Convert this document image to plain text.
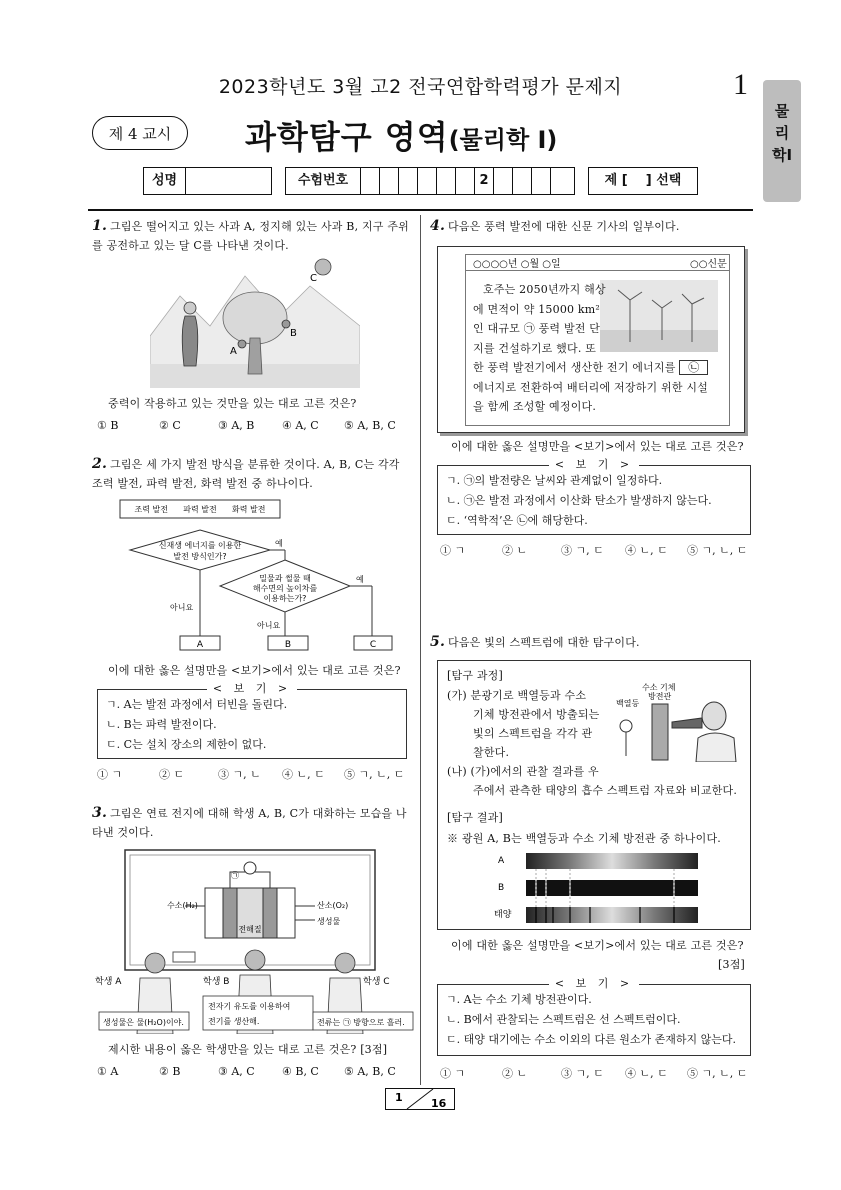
2023학년도 3월 고2 전국연합학력평가 문제지	1
물리학Ⅰ
제 4 교시	과학탐구 영역(물리학 Ⅰ)
성명	수험번호	2	제 [    ] 선택
1. 그림은 떨어지고 있는 사과 A, 정지해 있는 사과 B, 지구 주위를 공전하고 있는 달 C를 나타낸 것이다.
A
B
C
중력이 작용하고 있는 것만을 있는 대로 고른 것은?
① B	② C	③ A, B	④ A, C	⑤ A, B, C
2. 그림은 세 가지 발전 방식을 분류한 것이다. A, B, C는 각각 조력 발전, 파력 발전, 화력 발전 중 하나이다.
조력 발전      파력 발전      화력 발전
신재생 에너지를 이용한
발전 방식인가?
예
밀물과 썰물 때
해수면의 높이차를
이용하는가?
예
아니요
아니요
A	B	C
이에 대한 옳은 설명만을 <보기>에서 있는 대로 고른 것은?
< 보 기 >
ㄱ. A는 발전 과정에서 터빈을 돌린다.
ㄴ. B는 파력 발전이다.
ㄷ. C는 설치 장소의 제한이 없다.
① ㄱ	② ㄷ	③ ㄱ, ㄴ	④ ㄴ, ㄷ	⑤ ㄱ, ㄴ, ㄷ
3. 그림은 연료 전지에 대해 학생 A, B, C가 대화하는 모습을 나타낸 것이다.
수소(H₂)	산소(O₂)
생성물
전해질
㉠
학생 A	학생 B	학생 C
생성물은 물(H₂O)이야.
전자기 유도를 이용하여
전기를 생산해.	전류는 ㉠ 방향으로 흘러.
제시한 내용이 옳은 학생만을 있는 대로 고른 것은? [3점]
① A	② B	③ A, C	④ B, C	⑤ A, B, C
4. 다음은 풍력 발전에 대한 신문 기사의 일부이다.
○○○○년 ○월 ○일	○○신문
호주는 2050년까지 해상
에 면적이 약 15000 km²
인 대규모 ㉠ 풍력 발전 단
지를 건설하기로 했다. 또
한 풍력 발전기에서 생산한 전기 에너지를 ㉡
에너지로 전환하여 배터리에 저장하기 위한 시설
을 함께 조성할 예정이다.
이에 대한 옳은 설명만을 <보기>에서 있는 대로 고른 것은?
< 보 기 >
ㄱ. ㉠의 발전량은 날씨와 관계없이 일정하다.
ㄴ. ㉠은 발전 과정에서 이산화 탄소가 발생하지 않는다.
ㄷ. ‘역학적’은 ㉡에 해당한다.
① ㄱ	② ㄴ	③ ㄱ, ㄷ	④ ㄴ, ㄷ	⑤ ㄱ, ㄴ, ㄷ
5. 다음은 빛의 스펙트럼에 대한 탐구이다.
[탐구 과정]
(가) 분광기로 백열등과 수소
기체 방전관에서 방출되는
빛의 스펙트럼을 각각 관
찰한다.
백열등
수소 기체
방전관
(나) (가)에서의 관찰 결과를 우
주에서 관측한 태양의 흡수 스펙트럼 자료와 비교한다.
[탐구 결과]
※ 광원 A, B는 백열등과 수소 기체 방전관 중 하나이다.
A
B
태양
이에 대한 옳은 설명만을 <보기>에서 있는 대로 고른 것은?
[3점]
< 보 기 >
ㄱ. A는 수소 기체 방전관이다.
ㄴ. B에서 관찰되는 스펙트럼은 선 스펙트럼이다.
ㄷ. 태양 대기에는 수소 이외의 다른 원소가 존재하지 않는다.
① ㄱ	② ㄴ	③ ㄱ, ㄷ	④ ㄴ, ㄷ	⑤ ㄱ, ㄴ, ㄷ
1	16
